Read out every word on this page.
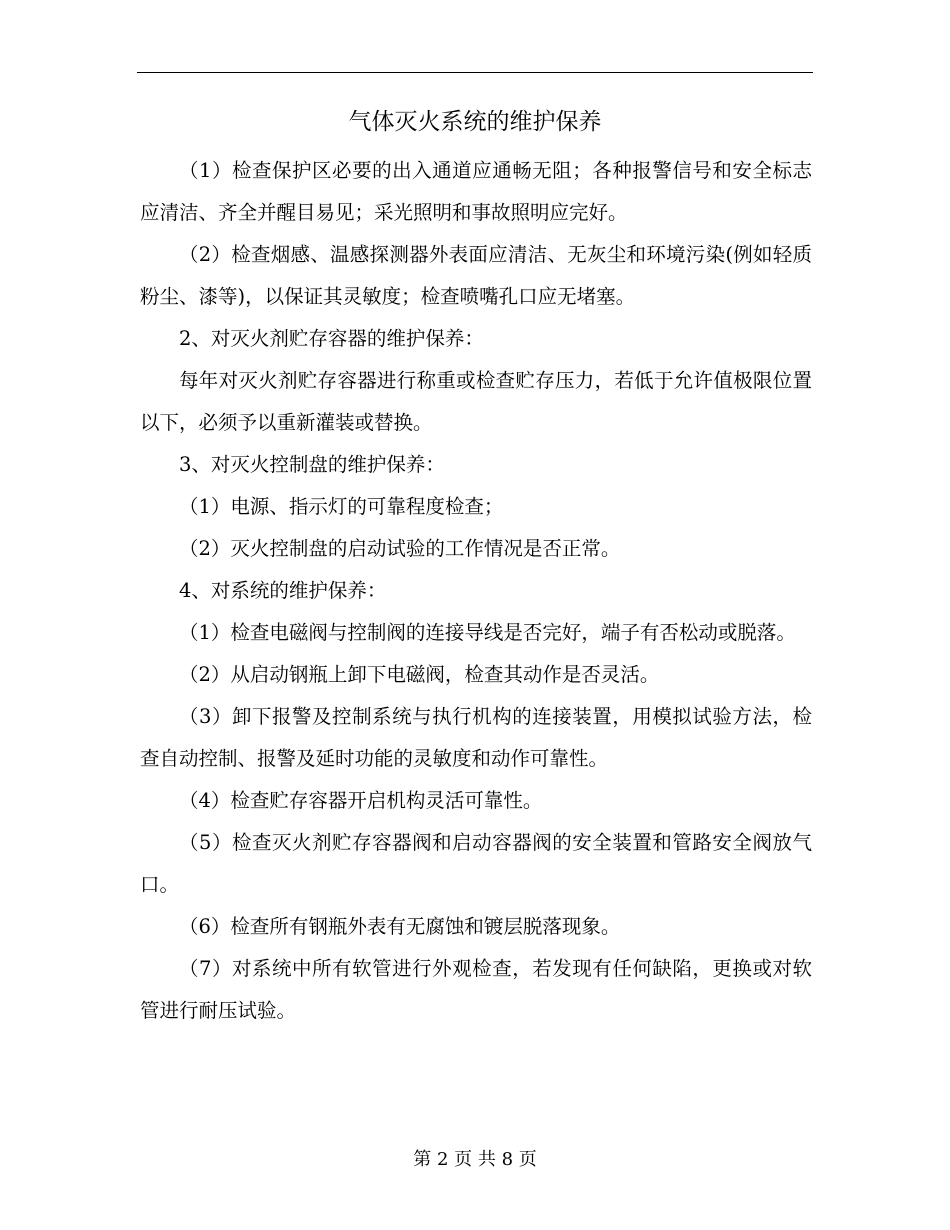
气体灭火系统的维护保养

（1）检查保护区必要的出入通道应通畅无阻；各种报警信号和安全标志应清洁、齐全并醒目易见；采光照明和事故照明应完好。

（2）检查烟感、温感探测器外表面应清洁、无灰尘和环境污染(例如轻质粉尘、漆等)，以保证其灵敏度；检查喷嘴孔口应无堵塞。

2、对灭火剂贮存容器的维护保养：

每年对灭火剂贮存容器进行称重或检查贮存压力，若低于允许值极限位置以下，必须予以重新灌装或替换。

3、对灭火控制盘的维护保养：

（1）电源、指示灯的可靠程度检查；

（2）灭火控制盘的启动试验的工作情况是否正常。

4、对系统的维护保养：

（1）检查电磁阀与控制阀的连接导线是否完好，端子有否松动或脱落。

（2）从启动钢瓶上卸下电磁阀，检查其动作是否灵活。

（3）卸下报警及控制系统与执行机构的连接装置，用模拟试验方法，检查自动控制、报警及延时功能的灵敏度和动作可靠性。

（4）检查贮存容器开启机构灵活可靠性。

（5）检查灭火剂贮存容器阀和启动容器阀的安全装置和管路安全阀放气口。

（6）检查所有钢瓶外表有无腐蚀和镀层脱落现象。

（7）对系统中所有软管进行外观检查，若发现有任何缺陷，更换或对软管进行耐压试验。

第 2 页 共 8 页
